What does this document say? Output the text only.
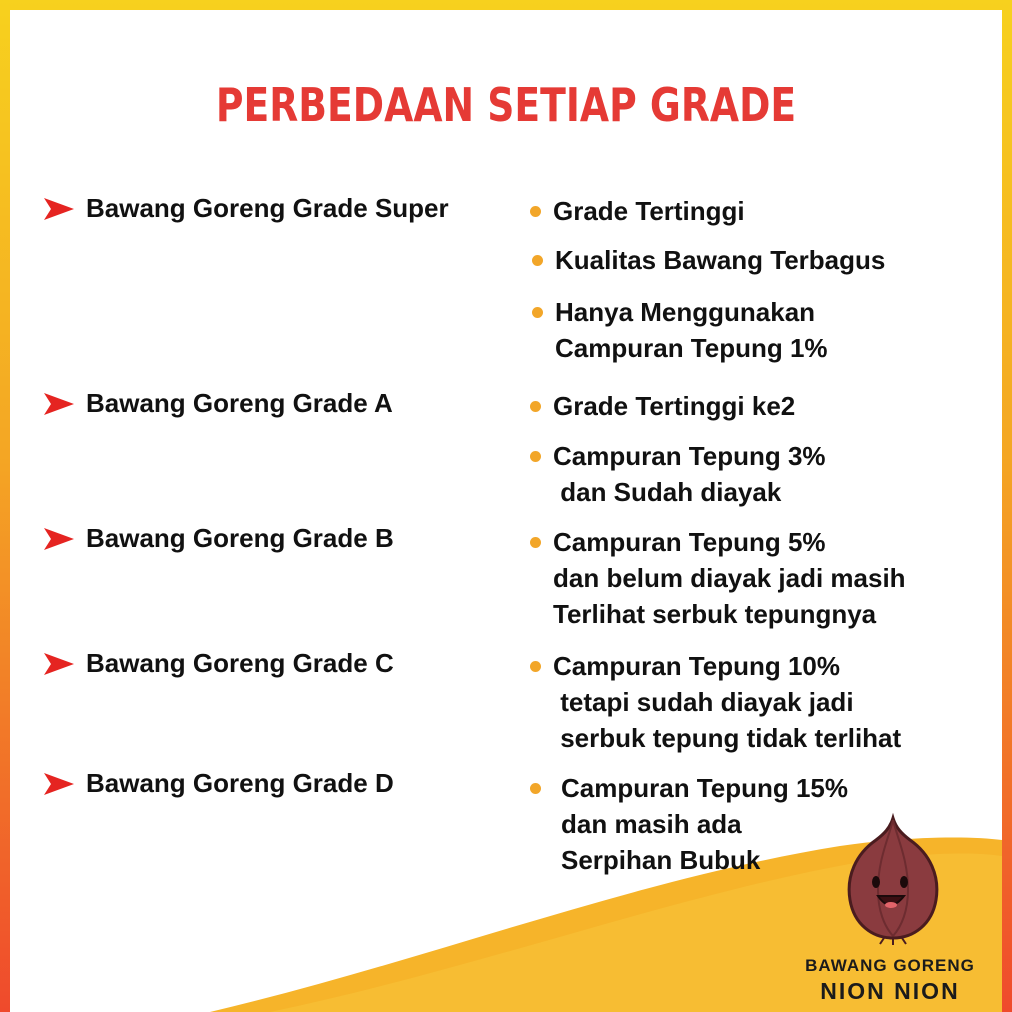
PERBEDAAN SETIAP GRADE
Bawang Goreng Grade Super	Grade Tertinggi
Kualitas Bawang Terbagus
Hanya Menggunakan
Campuran Tepung 1%
Bawang Goreng Grade A	Grade Tertinggi ke2
Campuran Tepung 3%
dan Sudah diayak
Bawang Goreng Grade B	Campuran Tepung 5%
dan belum diayak jadi masih
Terlihat serbuk tepungnya
Bawang Goreng Grade C	Campuran Tepung 10%
tetapi sudah diayak jadi
serbuk tepung tidak terlihat
Bawang Goreng Grade D	Campuran Tepung 15%
dan masih ada
Serpihan Bubuk
BAWANG GORENG
NION NION
